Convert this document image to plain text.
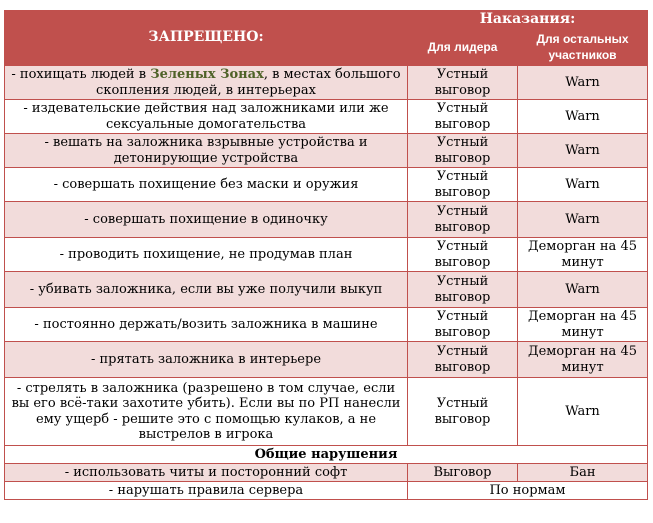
ЗАПРЕЩЕНО:	Наказания:	
	Для лидера	Для остальных участников
- похищать людей в Зеленых Зонах, в местах большого скопления людей, в интерьерах	Устный выговор	Warn
- издевательские действия над заложниками или же сексуальные домогательства	Устный выговор	Warn
- вешать на заложника взрывные устройства и детонирующие устройства	Устный выговор	Warn
- совершать похищение без маски и оружия	Устный выговор	Warn
- совершать похищение в одиночку	Устный выговор	Warn
- проводить похищение, не продумав план	Устный выговор	Деморган на 45 минут
- убивать заложника, если вы уже получили выкуп	Устный выговор	Warn
- постоянно держать/возить заложника в машине	Устный выговор	Деморган на 45 минут
- прятать заложника в интерьере	Устный выговор	Деморган на 45 минут
- стрелять в заложника (разрешено в том случае, если вы его всё-таки захотите убить). Если вы по РП нанесли ему ущерб - решите это с помощью кулаков, а не выстрелов в игрока	Устный выговор	Warn
Общие нарушения		
- использовать читы и посторонний софт	Выговор	Бан
- нарушать правила сервера	По нормам	
